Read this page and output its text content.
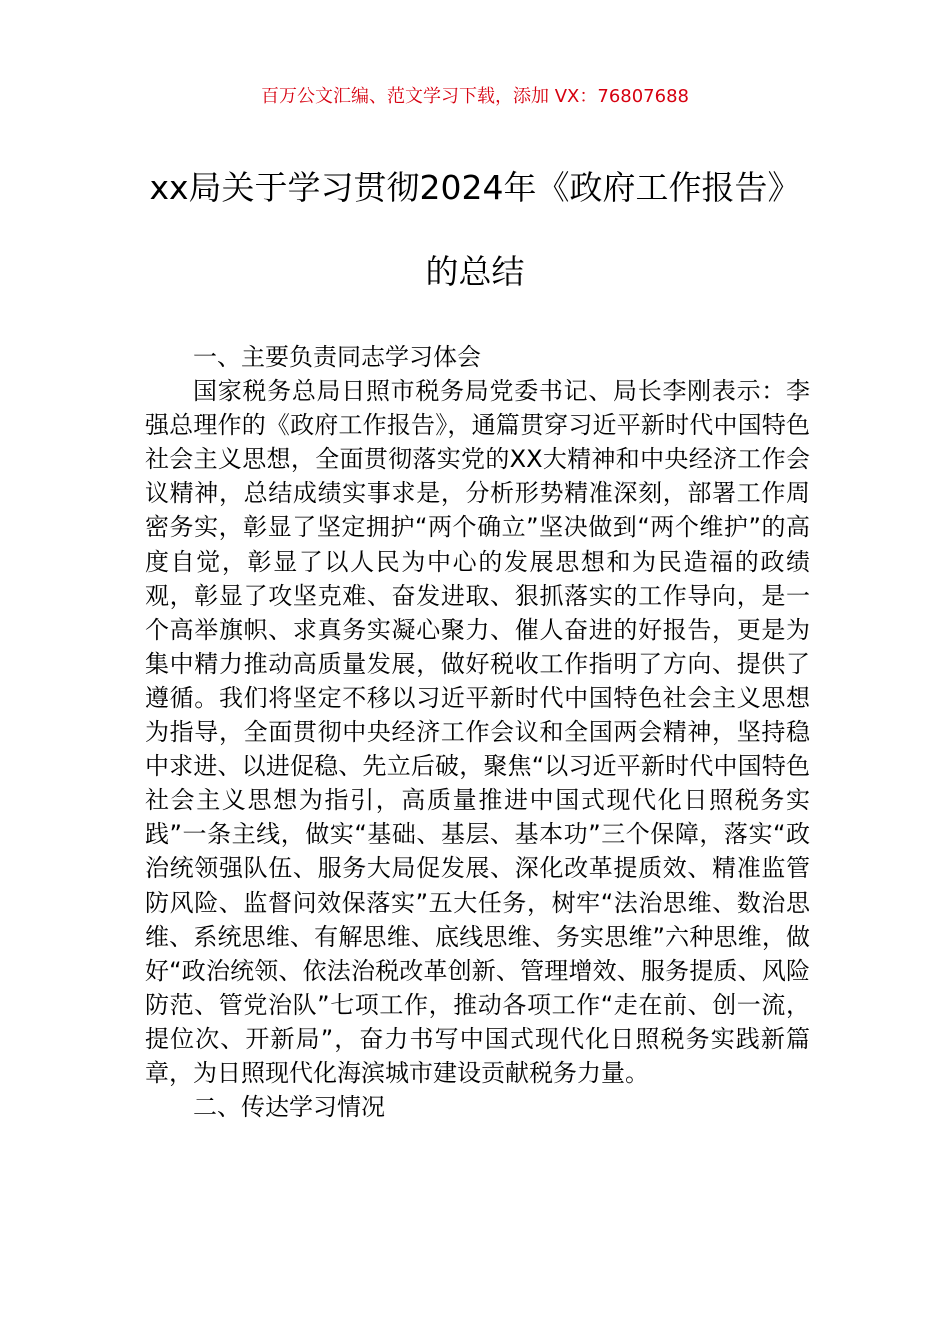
百万公文汇编、范文学习下载，添加 VX：76807688
xx局关于学习贯彻2024年《政府工作报告》的总结

一、主要负责同志学习体会

国家税务总局日照市税务局党委书记、局长李刚表示：李强总理作的《政府工作报告》，通篇贯穿习近平新时代中国特色社会主义思想，全面贯彻落实党的XX大精神和中央经济工作会议精神，总结成绩实事求是，分析形势精准深刻，部署工作周密务实，彰显了坚定拥护“两个确立”坚决做到“两个维护”的高度自觉，彰显了以人民为中心的发展思想和为民造福的政绩观，彰显了攻坚克难、奋发进取、狠抓落实的工作导向，是一个高举旗帜、求真务实凝心聚力、催人奋进的好报告，更是为集中精力推动高质量发展，做好税收工作指明了方向、提供了遵循。我们将坚定不移以习近平新时代中国特色社会主义思想为指导，全面贯彻中央经济工作会议和全国两会精神，坚持稳中求进、以进促稳、先立后破，聚焦“以习近平新时代中国特色社会主义思想为指引，高质量推进中国式现代化日照税务实践”一条主线，做实“基础、基层、基本功”三个保障，落实“政治统领强队伍、服务大局促发展、深化改革提质效、精准监管防风险、监督问效保落实”五大任务，树牢“法治思维、数治思维、系统思维、有解思维、底线思维、务实思维”六种思维，做好“政治统领、依法治税改革创新、管理增效、服务提质、风险防范、管党治队”七项工作，推动各项工作“走在前、创一流，提位次、开新局”，奋力书写中国式现代化日照税务实践新篇章，为日照现代化海滨城市建设贡献税务力量。

二、传达学习情况
